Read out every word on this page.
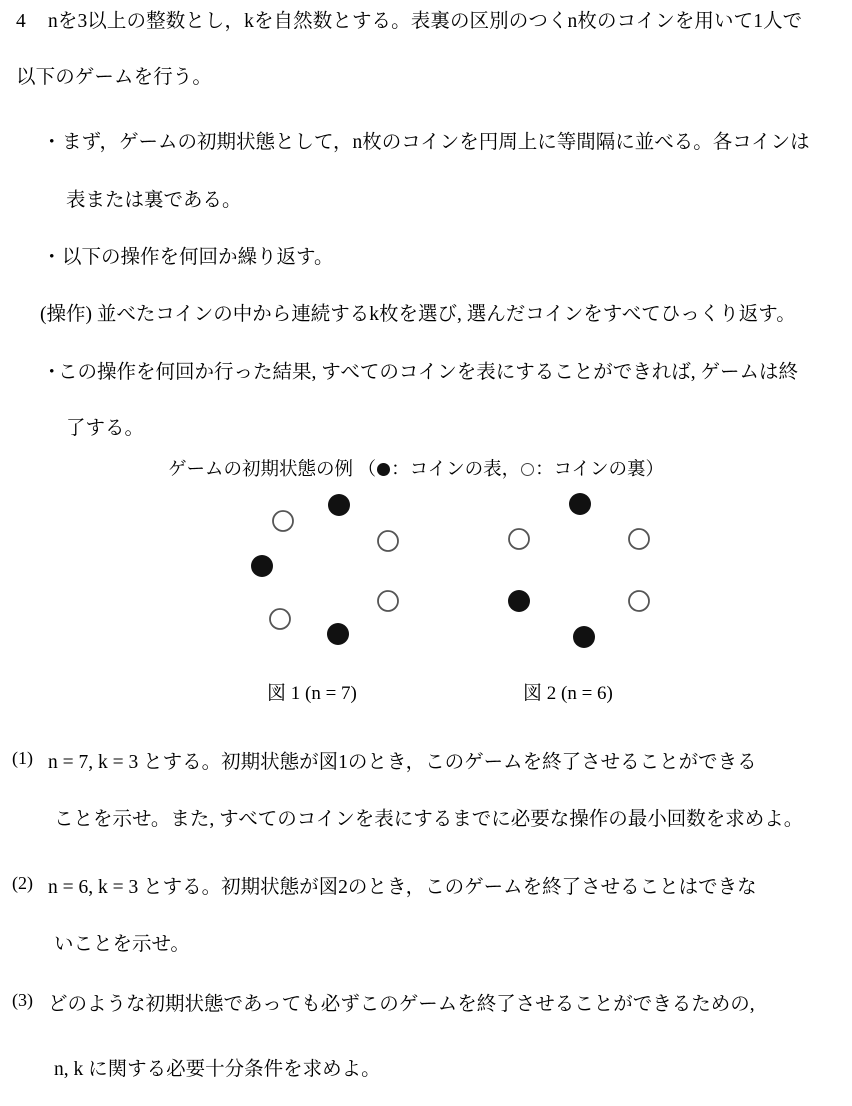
4 nを3以上の整数とし，kを自然数とする。表裏の区別のつくn枚のコインを用いて1人で
以下のゲームを行う。
・ まず，ゲームの初期状態として，n枚のコインを円周上に等間隔に並べる。各コインは
表または裏である。
・ 以下の操作を何回か繰り返す。
(操作) 並べたコインの中から連続するk枚を選び, 選んだコインをすべてひっくり返す。
・
この操作を何回か行った結果, すべてのコインを表にすることができれば, ゲームは終
了する。
ゲームの初期状態の例 （ ：コインの表， ：コインの裏）
図 1 (n = 7)	図 2 (n = 6)
(1) n = 7, k = 3 とする。初期状態が図1のとき，このゲームを終了させることができる
ことを示せ。また, すべてのコインを表にするまでに必要な操作の最小回数を求めよ。
(2) n = 6, k = 3 とする。初期状態が図2のとき，このゲームを終了させることはできな
いことを示せ。
(3) どのような初期状態であっても必ずこのゲームを終了させることができるための,
n, k に関する必要十分条件を求めよ。
